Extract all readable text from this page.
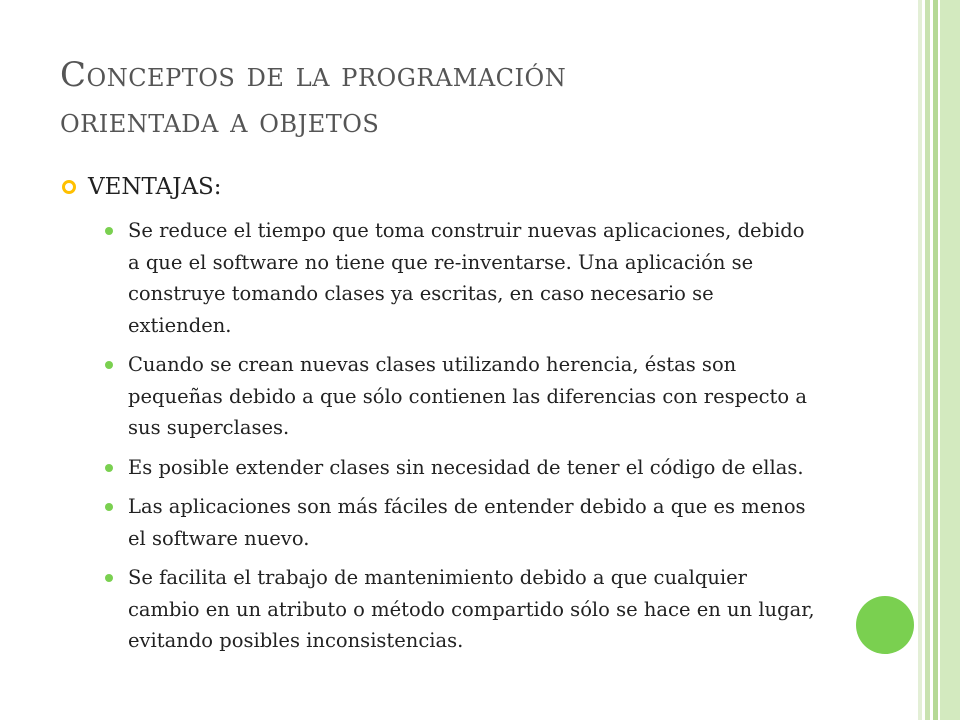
Conceptos de la programación
orientada a objetos
VENTAJAS:
Se reduce el tiempo que toma construir nuevas aplicaciones, debido a que el software no tiene que re-inventarse. Una aplicación se construye tomando clases ya escritas, en caso necesario se extienden.
Cuando se crean nuevas clases utilizando herencia, éstas son pequeñas debido a que sólo contienen las diferencias con respecto a sus superclases.
Es posible extender clases sin necesidad de tener el código de ellas.
Las aplicaciones son más fáciles de entender debido a que es menos el software nuevo.
Se facilita el trabajo de mantenimiento debido a que cualquier cambio en un atributo o método compartido sólo se hace en un lugar, evitando posibles inconsistencias.
